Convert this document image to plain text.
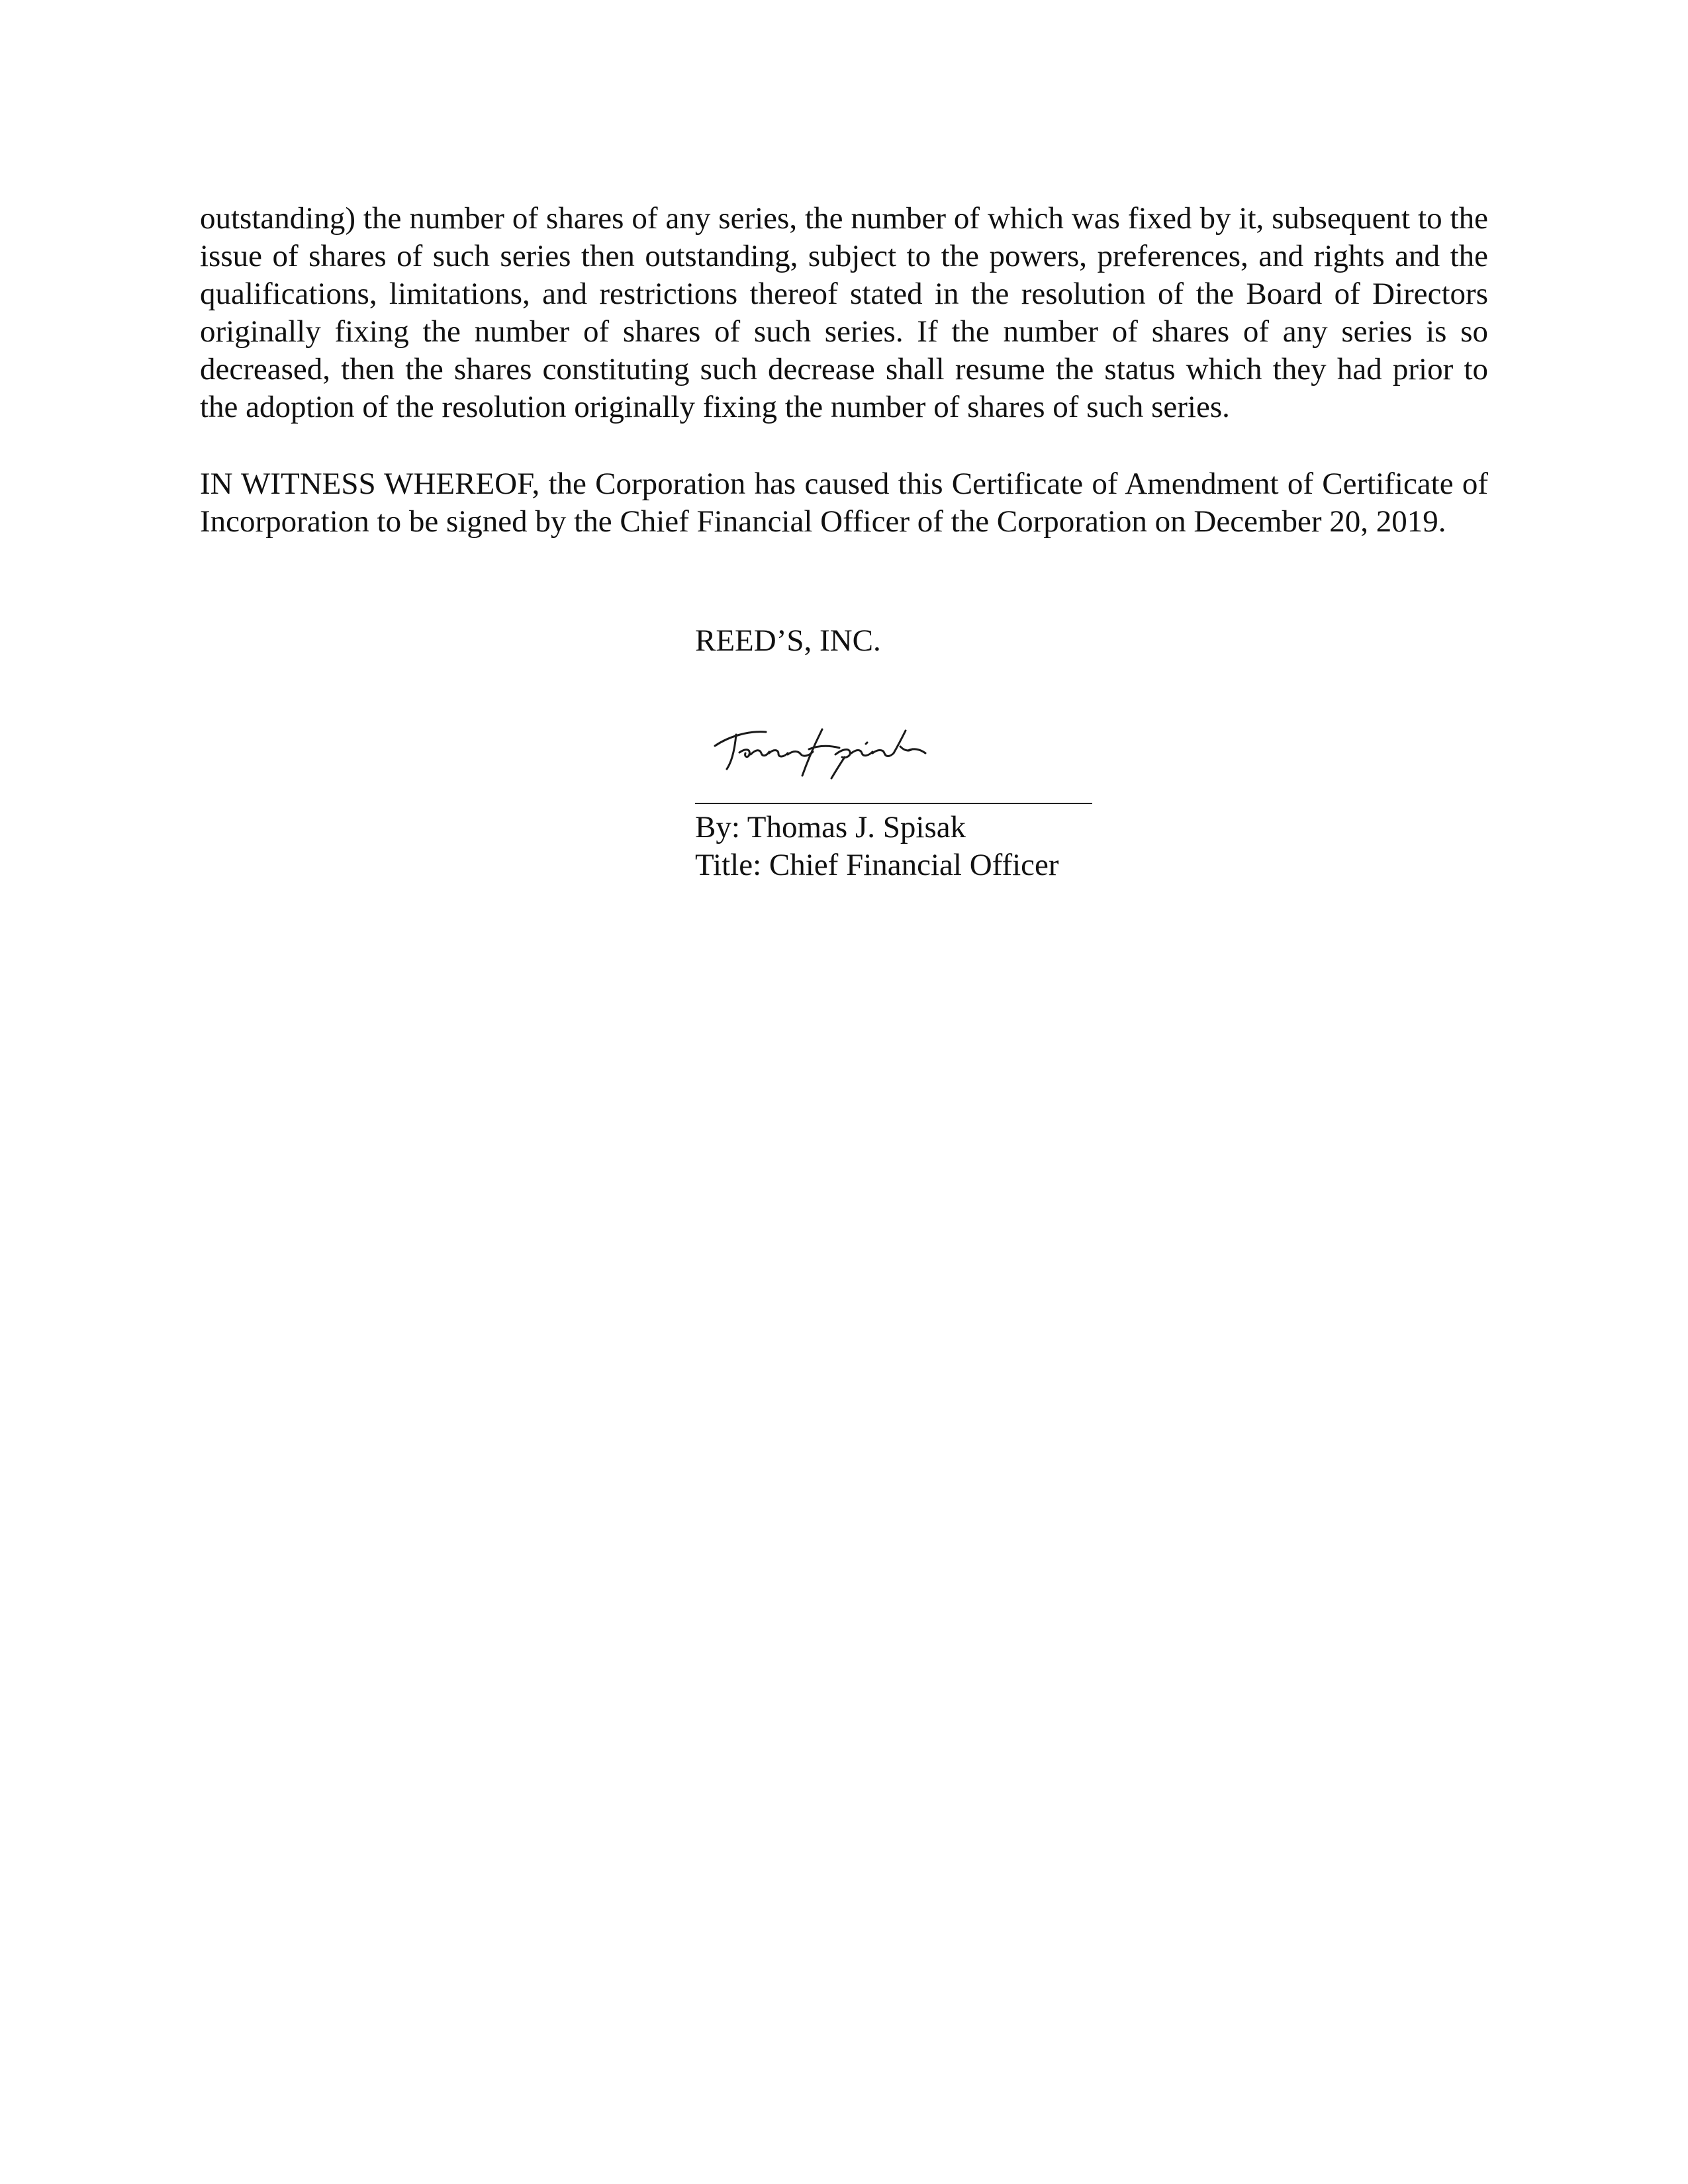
outstanding) the number of shares of any series, the number of which was fixed by it, subsequent to the issue of shares of such series then outstanding, subject to the powers, preferences, and rights and the qualifications, limitations, and restrictions thereof stated in the resolution of the Board of Directors originally fixing the number of shares of such series. If the number of shares of any series is so decreased, then the shares constituting such decrease shall resume the status which they had prior to the adoption of the resolution originally fixing the number of shares of such series.

IN WITNESS WHEREOF, the Corporation has caused this Certificate of Amendment of Certificate of Incorporation to be signed by the Chief Financial Officer of the Corporation on December 20, 2019.

REED’S, INC.

By: Thomas J. Spisak

Title: Chief Financial Officer
